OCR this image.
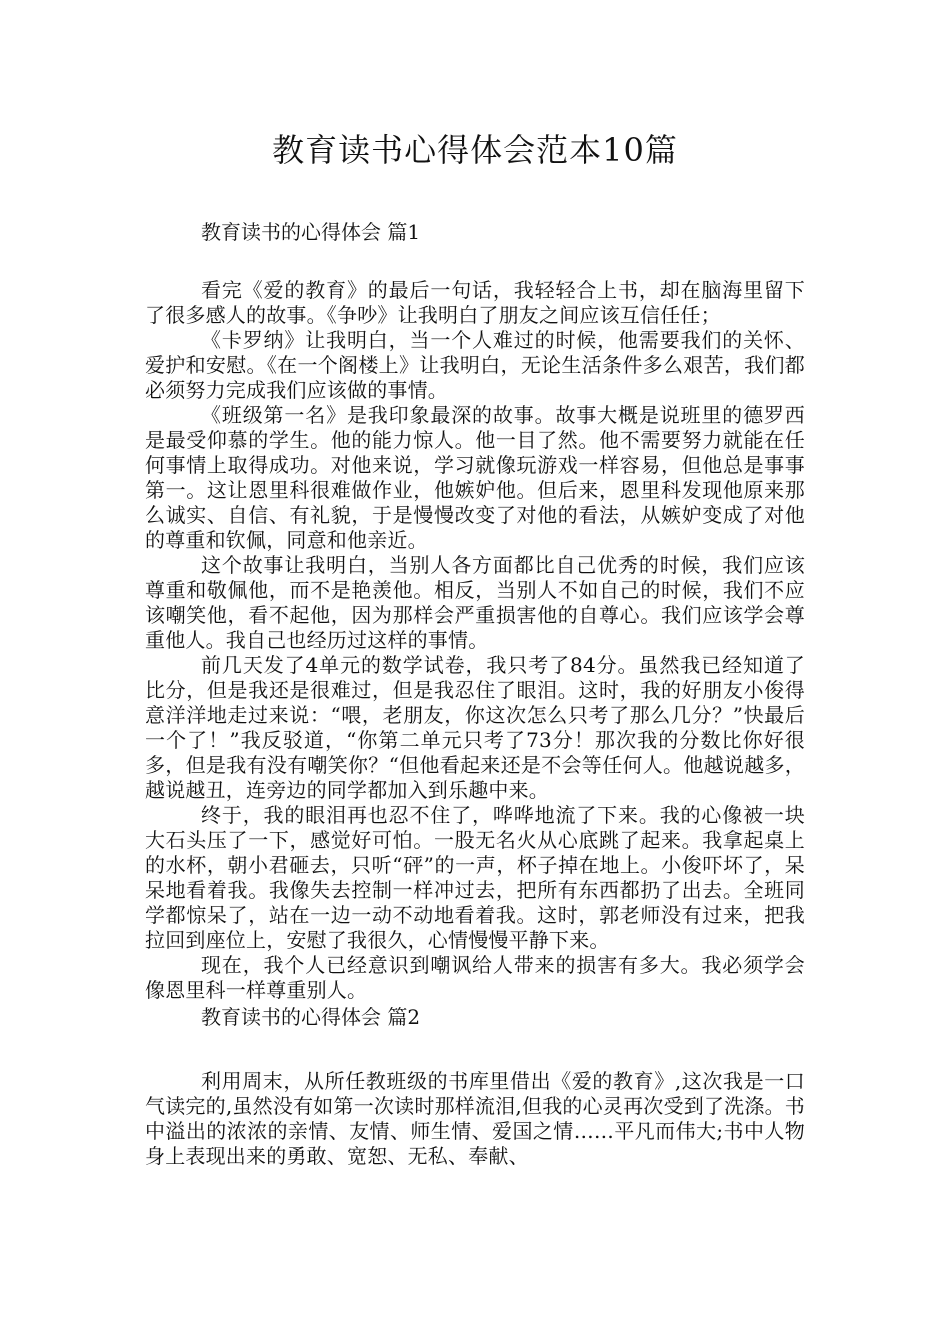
教育读书心得体会范本10篇

教育读书的心得体会 篇1

看完《爱的教育》的最后一句话，我轻轻合上书，却在脑海里留下了很多感人的故事。《争吵》让我明白了朋友之间应该互信任任；

《卡罗纳》让我明白，当一个人难过的时候，他需要我们的关怀、爱护和安慰。《在一个阁楼上》让我明白，无论生活条件多么艰苦，我们都必须努力完成我们应该做的事情。

《班级第一名》是我印象最深的故事。故事大概是说班里的德罗西是最受仰慕的学生。他的能力惊人。他一目了然。他不需要努力就能在任何事情上取得成功。对他来说，学习就像玩游戏一样容易，但他总是事事第一。这让恩里科很难做作业，他嫉妒他。但后来，恩里科发现他原来那么诚实、自信、有礼貌，于是慢慢改变了对他的看法，从嫉妒变成了对他的尊重和钦佩，同意和他亲近。

这个故事让我明白，当别人各方面都比自己优秀的时候，我们应该尊重和敬佩他，而不是艳羡他。相反，当别人不如自己的时候，我们不应该嘲笑他，看不起他，因为那样会严重损害他的自尊心。我们应该学会尊重他人。我自己也经历过这样的事情。

前几天发了4单元的数学试卷，我只考了84分。虽然我已经知道了比分，但是我还是很难过，但是我忍住了眼泪。这时，我的好朋友小俊得意洋洋地走过来说：“喂，老朋友，你这次怎么只考了那么几分？”快最后一个了！”我反驳道，“你第二单元只考了73分！那次我的分数比你好很多，但是我有没有嘲笑你？“但他看起来还是不会等任何人。他越说越多，越说越丑，连旁边的同学都加入到乐趣中来。

终于，我的眼泪再也忍不住了，哗哗地流了下来。我的心像被一块大石头压了一下，感觉好可怕。一股无名火从心底跳了起来。我拿起桌上的水杯，朝小君砸去，只听“砰”的一声，杯子掉在地上。小俊吓坏了，呆呆地看着我。我像失去控制一样冲过去，把所有东西都扔了出去。全班同学都惊呆了，站在一边一动不动地看着我。这时，郭老师没有过来，把我拉回到座位上，安慰了我很久，心情慢慢平静下来。

现在，我个人已经意识到嘲讽给人带来的损害有多大。我必须学会像恩里科一样尊重别人。

教育读书的心得体会 篇2

利用周末，从所任教班级的书库里借出《爱的教育》,这次我是一口气读完的,虽然没有如第一次读时那样流泪,但我的心灵再次受到了洗涤。书中溢出的浓浓的亲情、友情、师生情、爱国之情……平凡而伟大;书中人物身上表现出来的勇敢、宽恕、无私、奉献、
